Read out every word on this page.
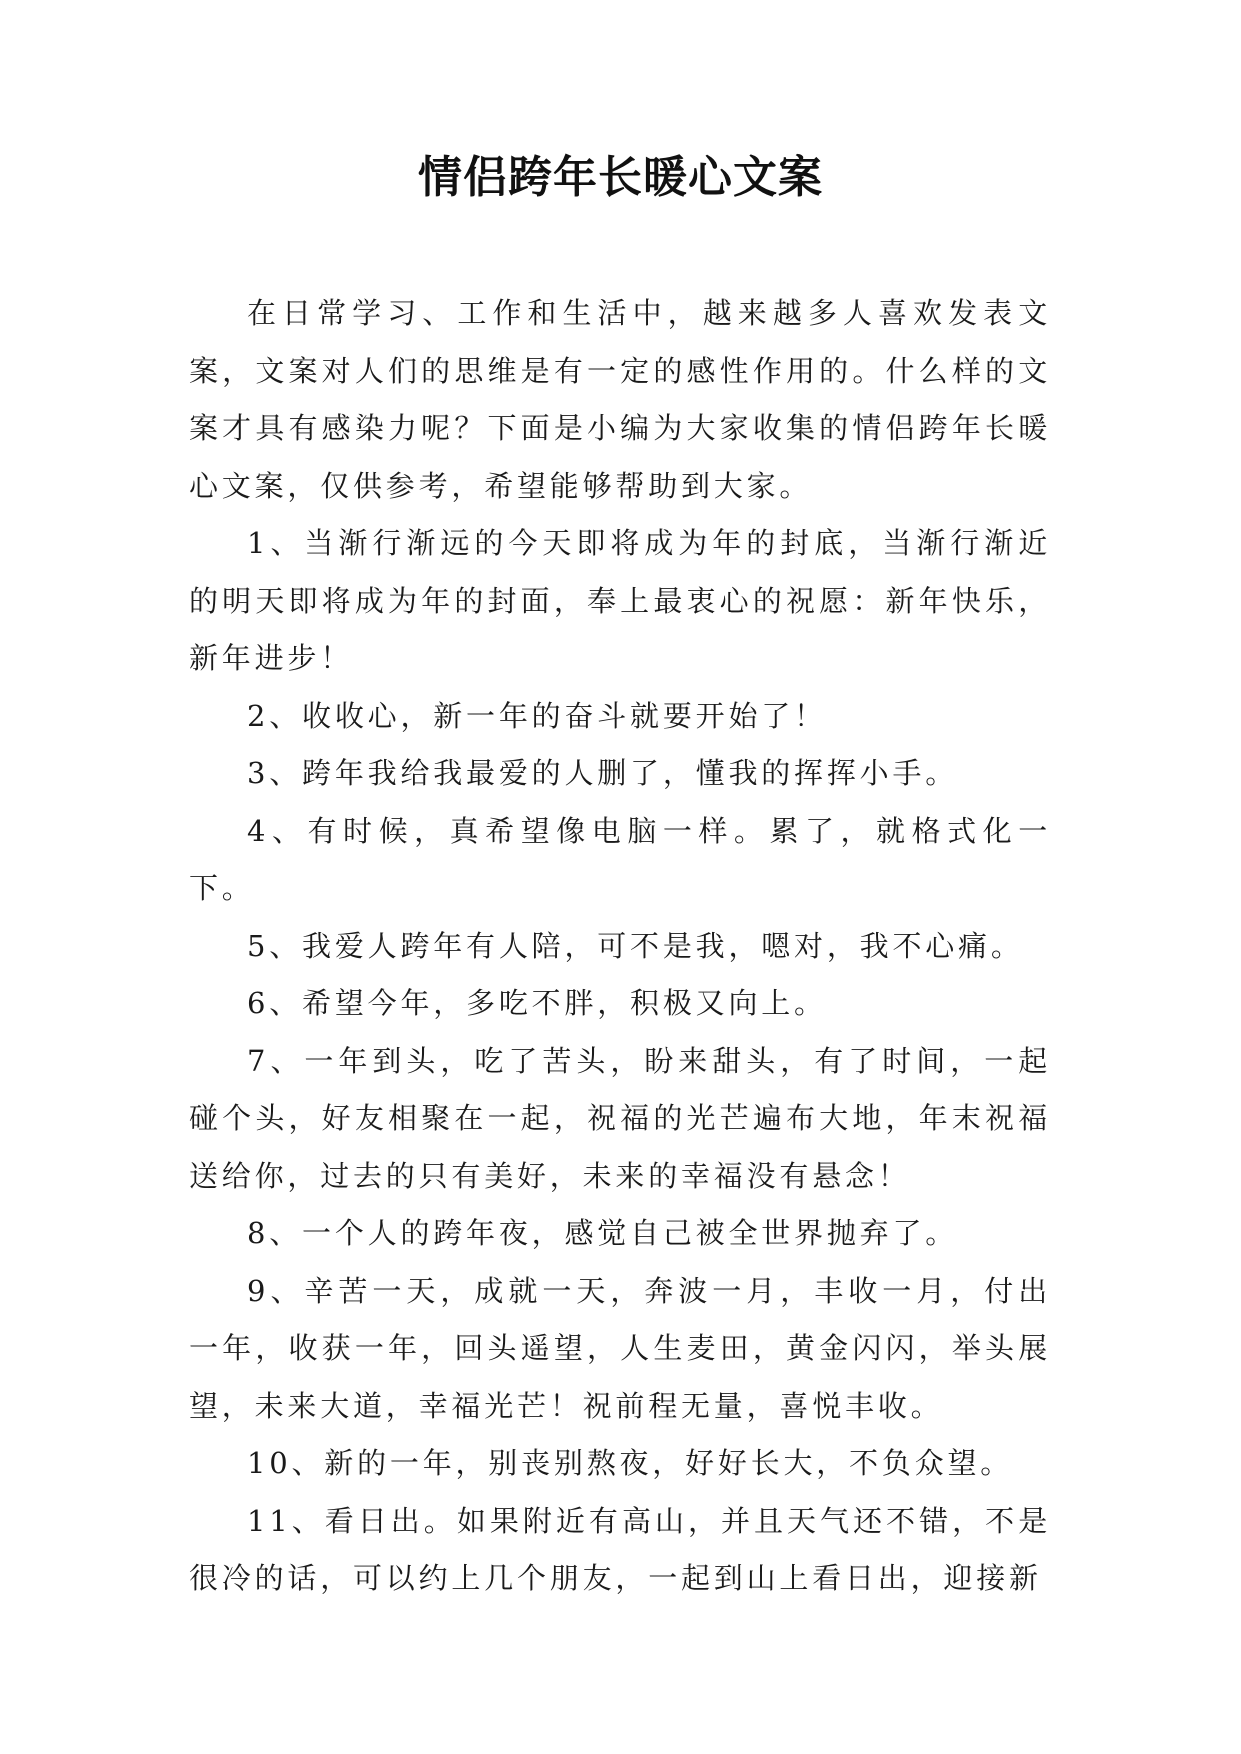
情侣跨年长暖心文案

在日常学习、工作和生活中，越来越多人喜欢发表文案，文案对人们的思维是有一定的感性作用的。什么样的文案才具有感染力呢？下面是小编为大家收集的情侣跨年长暖心文案，仅供参考，希望能够帮助到大家。

1、当渐行渐远的今天即将成为年的封底，当渐行渐近的明天即将成为年的封面，奉上最衷心的祝愿：新年快乐，新年进步！

2、收收心，新一年的奋斗就要开始了！

3、跨年我给我最爱的人删了，懂我的挥挥小手。

4、有时候，真希望像电脑一样。累了，就格式化一下。

5、我爱人跨年有人陪，可不是我，嗯对，我不心痛。

6、希望今年，多吃不胖，积极又向上。

7、一年到头，吃了苦头，盼来甜头，有了时间，一起碰个头，好友相聚在一起，祝福的光芒遍布大地，年末祝福送给你，过去的只有美好，未来的幸福没有悬念！

8、一个人的跨年夜，感觉自己被全世界抛弃了。

9、辛苦一天，成就一天，奔波一月，丰收一月，付出一年，收获一年，回头遥望，人生麦田，黄金闪闪，举头展望，未来大道，幸福光芒！祝前程无量，喜悦丰收。

10、新的一年，别丧别熬夜，好好长大，不负众望。

11、看日出。如果附近有高山，并且天气还不错，不是很冷的话，可以约上几个朋友，一起到山上看日出，迎接新
